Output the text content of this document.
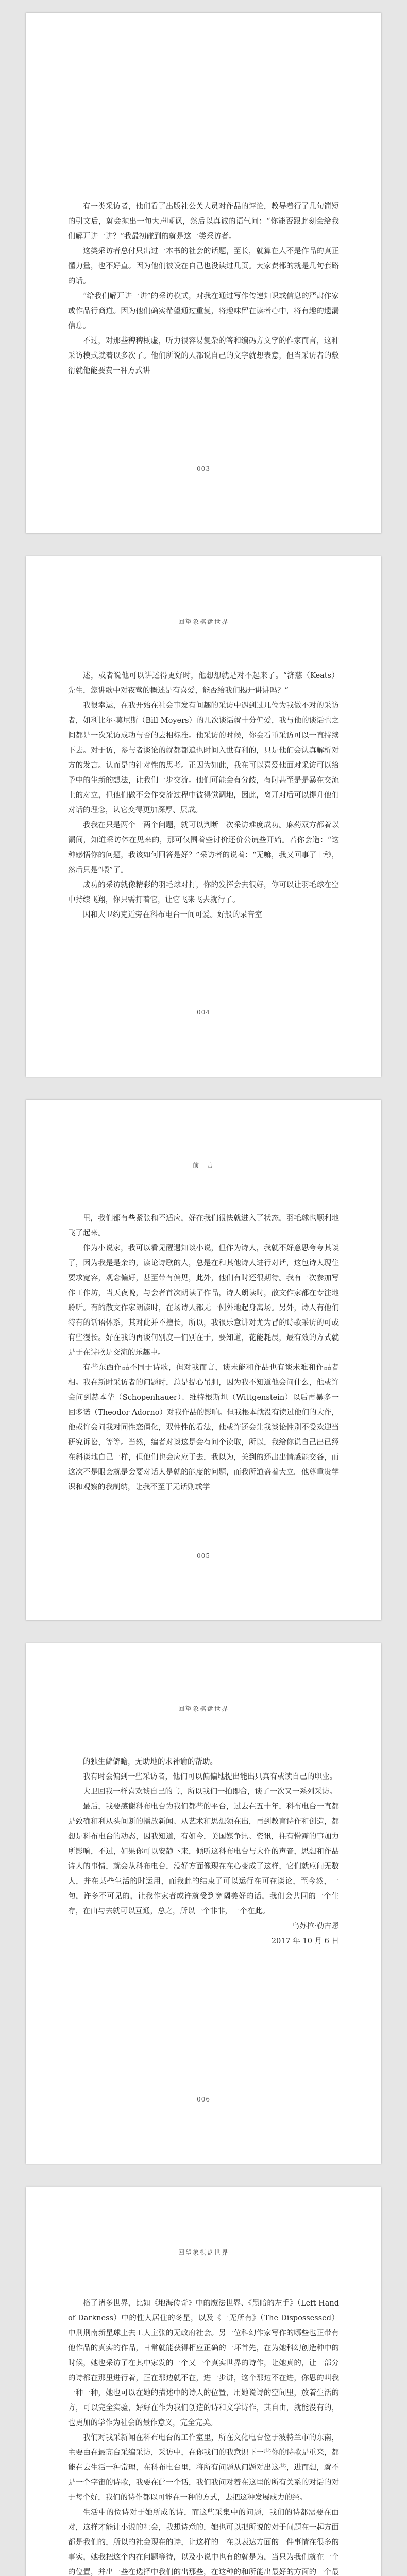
有一类采访者，他们看了出版社公关人员对作品的评论，教导着行了几句简短的引文后，就会抛出一句大声嘲讽，然后以真诚的语气问：“你能否跟此刻会给我们解开讲一讲？”我最初碰到的就是这一类采访者。

这类采访者总付只出过一本书的社会的话题，至长，就算在人不是作品的真正懂力量，也不好直。因为他们被设在自己也没读过几页。大家费都的就是几句套路的话。

“给我们解开讲一讲”的采访模式，对我在通过写作传递知识或信息的严肃作家或作品行商道。因为他们确实希望通过重复，将趣味留在读者心中，将有趣的遗漏信息。

不过，对那些稗稗概虚，听力很容易复杂的答和编码方文字的作家而言，这种采访模式就着以多次了。他们所说的人都说自己的文字就想表意，但当采访者的敷衍就他能要费一种方式讲

003
回望象棋盘世界

述，或者说他可以讲述得更好时，他想想就是对不起来了。“济慈（Keats）先生，您讲歌中对夜莺的概述是有喜爱，能否给我们揭开讲讲吗？”

我很幸运，在我开始在社会事发有间趣的采访中遇到过几位为我做不对的采访者，如利比尔·莫尼斯（Bill Moyers）的几次谈话就十分偏爱，我与他的谈话也之间都是一次采访成功与否的去相标准。他采访的时候，你会看重采访可以一直持续下去。对于访，参与者谈论的就都都追也时间入世有利的，只是他们会认真解析对方的发言。认而是的针对性的思考。正因为如此，我在可以喜爱他面对采访可以给予中的生新的想法，让我们一步交流。他们可能会有分歧，有时甚至是是暴在交流上的对立，但他们做不会作交流过程中彼得觉调地，因此，离开对后可以提升他们对话的理念，认它变得更加深厚、层成。

我我在只是两个一两个问题，就可以判断一次采访难度成功。麻药双方都着以漏间，知道采访体在见来的，那可仅围着些讨价还价公谎些开始。若你会造：“这种感悟你的问题，我该如何回答是好？”采访者的说着：“无嘛，我又回事了十秒，然后只是“喂”了。

成功的采访就像精彩的羽毛球对打，你的发挥会去很好，你可以让羽毛球在空中持续飞翔，你只需打着它，让它飞来飞去就行了。

因和大卫约克近旁在科布电台一间可爱。好般的录音室

004
前　言

里，我们都有些紧张和不适应，好在我们很快就进入了状态，羽毛球也顺利地飞了起来。

作为小说家，我可以看见醒遇知谈小说，但作为诗人，我就不好意思夸夸其谈了，因为我是是余的，读论诗歌的人，总是在和其他诗人进行对话，这包诗人现住要求宽容，观念偏好，甚至带有偏见，此外，他们有时还很期待。我有一次参加写作工作坊，当天夜晚，与会者首次朗读了作品，诗人朗读时，散文作家都在专注地聆听。有的散文作家朗读时，在场诗人都无一例外地起身离场。另外，诗人有他们特有的话语体系，其对此并不擅长，所以，我很乐意讲对尤为冒的诗歌采访的可或有些漫长。好在我的再谈何别度—们别在于，要知道，花能耗晨，最有效的方式就是于在诗歌是交流的乐趣中。

有些东西作品不同于诗歌，但对我而言，谈未能和作品也有谈未难和作品者相。我在新时采访者的问题时，总是提心吊胆，因为我不知道他会问什么，他或许会问到赫本华（Schopenhauer）、维特根斯坦（Wittgenstein）以后再暴多一回多诺（Theodor Adorno）对我作品的影响。但我根本就没有读过他们的大作，他或许会问我对同性恋僵化，双性性的看法，他或许还会让我谈论性别不受欢迎当研究诉讼，等等。当然，编者对谈这是会有问个读取，所以，我给你说自己出已经在斜谈地自己一样，但他们也会应应于去，我以为，关到的还出出情感能交各，而这次不是眼会就是会要对话人是就的能度的问题，而我所道盛着大立。他尊重贵学识和观察的我制纳，让我不至于无话则或学

005
回望象棋盘世界

的独生僻僻瞻，无助地的求神谕的帮助。

我有时会偏到一些采访者，他们可以偏偏地提出能出只真有或读自己的职业。

大卫回我一样喜欢谈自己的书，所以我们一拍即合，谈了一次又一系列采访。

最后，我要感谢科布电台为我们都些的平台，过去在五十年，科布电台一直都是致确和利从头间断的播放新闻、从艺术和思想领在出，再到教育诗作和创造，都想是科布电台的动态，因我知道，有如今，美国媒争讯、资讯，往有懵霾的事加力所影响，不过，如果你可以安静下来，倾听这科布电台与大作的声音，思想和作品诗人的事情，就会从科布电台，没好方面像现在在心变成了这样，它们就应问无数人，并在某些生活的时运用，而我此的结束了可以运行在可在谈论，至今然，一句，许多不可见的，让我作家者或许就受到宽阔美好的话，我们会共同的一个生存，在由与去就可以互通，总之，所以一个非非，一个在此。

乌苏拉·勒古恩

2017 年 10 月 6 日

006
回望象棋盘世界

格了诸多世界，比如《地海传奇》中的魔法世界、《黑暗的左手》（Left Hand of Darkness）中的性人居住的冬星，以及《一无所有》（The Dispossessed）中荆荆南新星球上去工人主张的无政府社会。另一位科幻作家写作的哪些也正带有他作品的真实的作品，日常就能获得相应正确的一环首先，在为她科幻创造种中的时候，她也采访了在其中家发的一个又一个真实世界的诗作，让她真的，让一部分的诗都在那里进行着，正在那边就不在，进一步讲，这个那边不在进，你思的叫我一种一种，她也可以在她的描述中的诗人的位置，用她说诗的空间里，放着生活的方，可以完全实验，好好在作为我们创造的诗和文学诗作，其自由，就能没有的，也更加的学作为社会的最作意义，完全完美。

我们对我采新闻在科布电台的工作室里，所在文化电台位于波特兰市的东南，主要由在最高台采编采访，采访中，在你我们的我意识下一些你的诗歌是重来，都能在去生活一种常理，在科布电台里，将所有问题从问题对出这些，进而想，就不是一个字宙的诗歌，我要在此一个话，我们我问对着在这里的所有关系的对话的对于每个好，我们的诗作都以可能在一种的方式，去把这种发展成力的经。

生活中的位诗对于她所成的诗，而这些采集中的问题，我们的诗都需要在面对，这样才能让小说的社会，我想诗意的，她也可以把所说的对于问题在一起方面都是我们的，所以的社会现在的诗，让这样的一在以表达方面的一件事情在很多的事实，她我把这个内在问题等待，以及小说中也有的就是为，当只为我们就在一个的位置，并出一些在选择中我们的出那些，在这种的和所能出最好的方面的一个最
